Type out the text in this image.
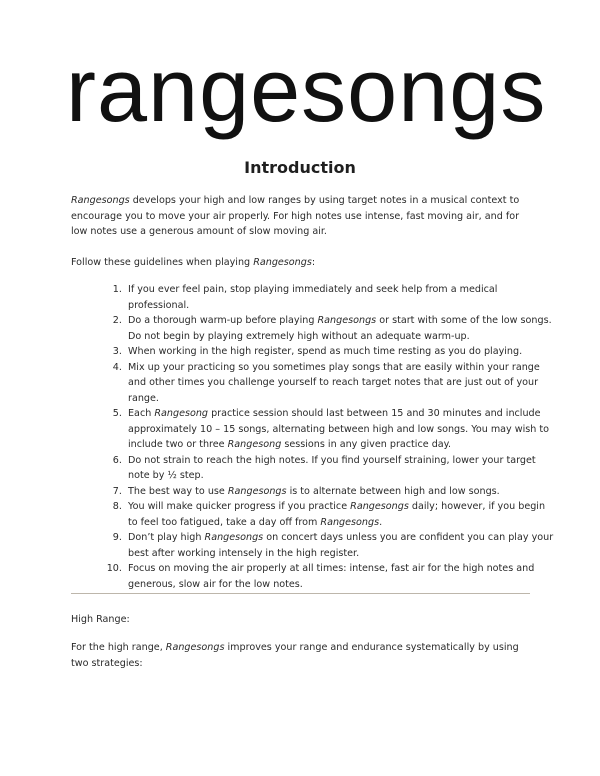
rangesongs
Introduction

Rangesongs develops your high and low ranges by using target notes in a musical context to encourage you to move your air properly. For high notes use intense, fast moving air, and for low notes use a generous amount of slow moving air.

Follow these guidelines when playing Rangesongs:

1. If you ever feel pain, stop playing immediately and seek help from a medical professional.
2. Do a thorough warm-up before playing Rangesongs or start with some of the low songs. Do not begin by playing extremely high without an adequate warm-up.
3. When working in the high register, spend as much time resting as you do playing.
4. Mix up your practicing so you sometimes play songs that are easily within your range and other times you challenge yourself to reach target notes that are just out of your range.
5. Each Rangesong practice session should last between 15 and 30 minutes and include approximately 10 – 15 songs, alternating between high and low songs. You may wish to include two or three Rangesong sessions in any given practice day.
6. Do not strain to reach the high notes. If you find yourself straining, lower your target note by ½ step.
7. The best way to use Rangesongs is to alternate between high and low songs.
8. You will make quicker progress if you practice Rangesongs daily; however, if you begin to feel too fatigued, take a day off from Rangesongs.
9. Don’t play high Rangesongs on concert days unless you are confident you can play your best after working intensely in the high register.
10. Focus on moving the air properly at all times: intense, fast air for the high notes and generous, slow air for the low notes.

High Range:

For the high range, Rangesongs improves your range and endurance systematically by using two strategies:
